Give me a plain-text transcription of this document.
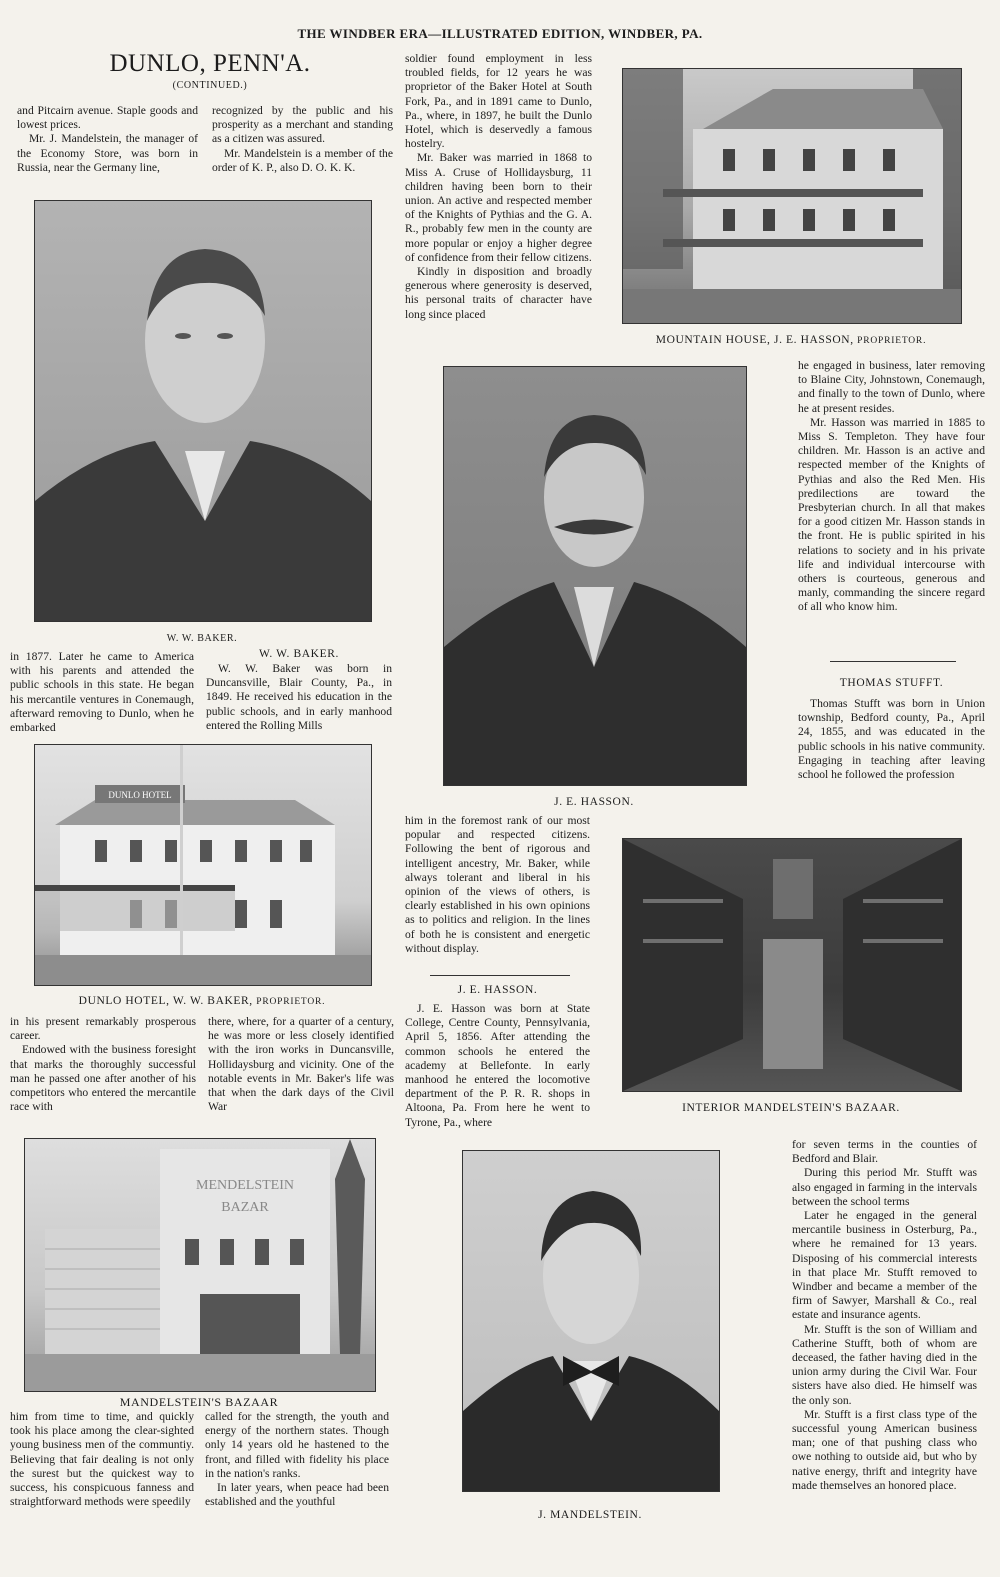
THE WINDBER ERA—ILLUSTRATED EDITION, WINDBER, PA.
DUNLO, PENN'A.
(CONTINUED.)

and Pitcairn avenue. Staple goods and lowest prices.

Mr. J. Mandelstein, the manager of the Economy Store, was born in Russia, near the Germany line,

recognized by the public and his prosperity as a merchant and standing as a citizen was assured.

Mr. Mandelstein is a member of the order of K. P., also D. O. K. K.

soldier found employment in less troubled fields, for 12 years he was proprietor of the Baker Hotel at South Fork, Pa., and in 1891 came to Dunlo, Pa., where, in 1897, he built the Dunlo Hotel, which is deservedly a famous hostelry.

Mr. Baker was married in 1868 to Miss A. Cruse of Hollidaysburg, 11 children having been born to their union. An active and respected member of the Knights of Pythias and the G. A. R., probably few men in the county are more popular or enjoy a higher degree of confidence from their fellow citizens.

Kindly in disposition and broadly generous where generosity is deserved, his personal traits of character have long since placed

MOUNTAIN HOUSE, J. E. HASSON, PROPRIETOR.
W. W. BAKER.
J. E. HASSON.

in 1877. Later he came to America with his parents and attended the public schools in this state. He began his mercantile ventures in Conemaugh, afterward removing to Dunlo, when he embarked

W. W. BAKER.

W. W. Baker was born in Duncansville, Blair County, Pa., in 1849. He received his education in the public schools, and in early manhood entered the Rolling Mills

he engaged in business, later removing to Blaine City, Johnstown, Conemaugh, and finally to the town of Dunlo, where he at present resides.

Mr. Hasson was married in 1885 to Miss S. Templeton. They have four children. Mr. Hasson is an active and respected member of the Knights of Pythias and also the Red Men. His predilections are toward the Presbyterian church. In all that makes for a good citizen Mr. Hasson stands in the front. He is public spirited in his relations to society and in his private life and individual intercourse with others is courteous, generous and manly, commanding the sincere regard of all who know him.

THOMAS STUFFT.

Thomas Stufft was born in Union township, Bedford county, Pa., April 24, 1855, and was educated in the public schools in his native community. Engaging in teaching after leaving school he followed the profession

DUNLO HOTEL
DUNLO HOTEL, W. W. BAKER, PROPRIETOR.

him in the foremost rank of our most popular and respected citizens. Following the bent of rigorous and intelligent ancestry, Mr. Baker, while always tolerant and liberal in his opinion of the views of others, is clearly established in his own opinions as to politics and religion. In the lines of both he is consistent and energetic without display.

J. E. HASSON.

J. E. Hasson was born at State College, Centre County, Pennsylvania, April 5, 1856. After attending the common schools he entered the academy at Bellefonte. In early manhood he entered the locomotive department of the P. R. R. shops in Altoona, Pa. From here he went to Tyrone, Pa., where

INTERIOR MANDELSTEIN'S BAZAAR.

in his present remarkably prosperous career.

Endowed with the business foresight that marks the thoroughly successful man he passed one after another of his competitors who entered the mercantile race with

there, where, for a quarter of a century, he was more or less closely identified with the iron works in Duncansville, Hollidaysburg and vicinity. One of the notable events in Mr. Baker's life was that when the dark days of the Civil War

MENDELSTEIN
BAZAR
MANDELSTEIN'S BAZAAR

him from time to time, and quickly took his place among the clear-sighted young business men of the communtiy. Believing that fair dealing is not only the surest but the quickest way to success, his conspicuous fanness and straightforward methods were speedily

called for the strength, the youth and energy of the northern states. Though only 14 years old he hastened to the front, and filled with fidelity his place in the nation's ranks.

In later years, when peace had been established and the youthful

J. MANDELSTEIN.

for seven terms in the counties of Bedford and Blair.

During this period Mr. Stufft was also engaged in farming in the intervals between the school terms

Later he engaged in the general mercantile business in Osterburg, Pa., where he remained for 13 years. Disposing of his commercial interests in that place Mr. Stufft removed to Windber and became a member of the firm of Sawyer, Marshall & Co., real estate and insurance agents.

Mr. Stufft is the son of William and Catherine Stufft, both of whom are deceased, the father having died in the union army during the Civil War. Four sisters have also died. He himself was the only son.

Mr. Stufft is a first class type of the successful young American business man; one of that pushing class who owe nothing to outside aid, but who by native energy, thrift and integrity have made themselves an honored place.
